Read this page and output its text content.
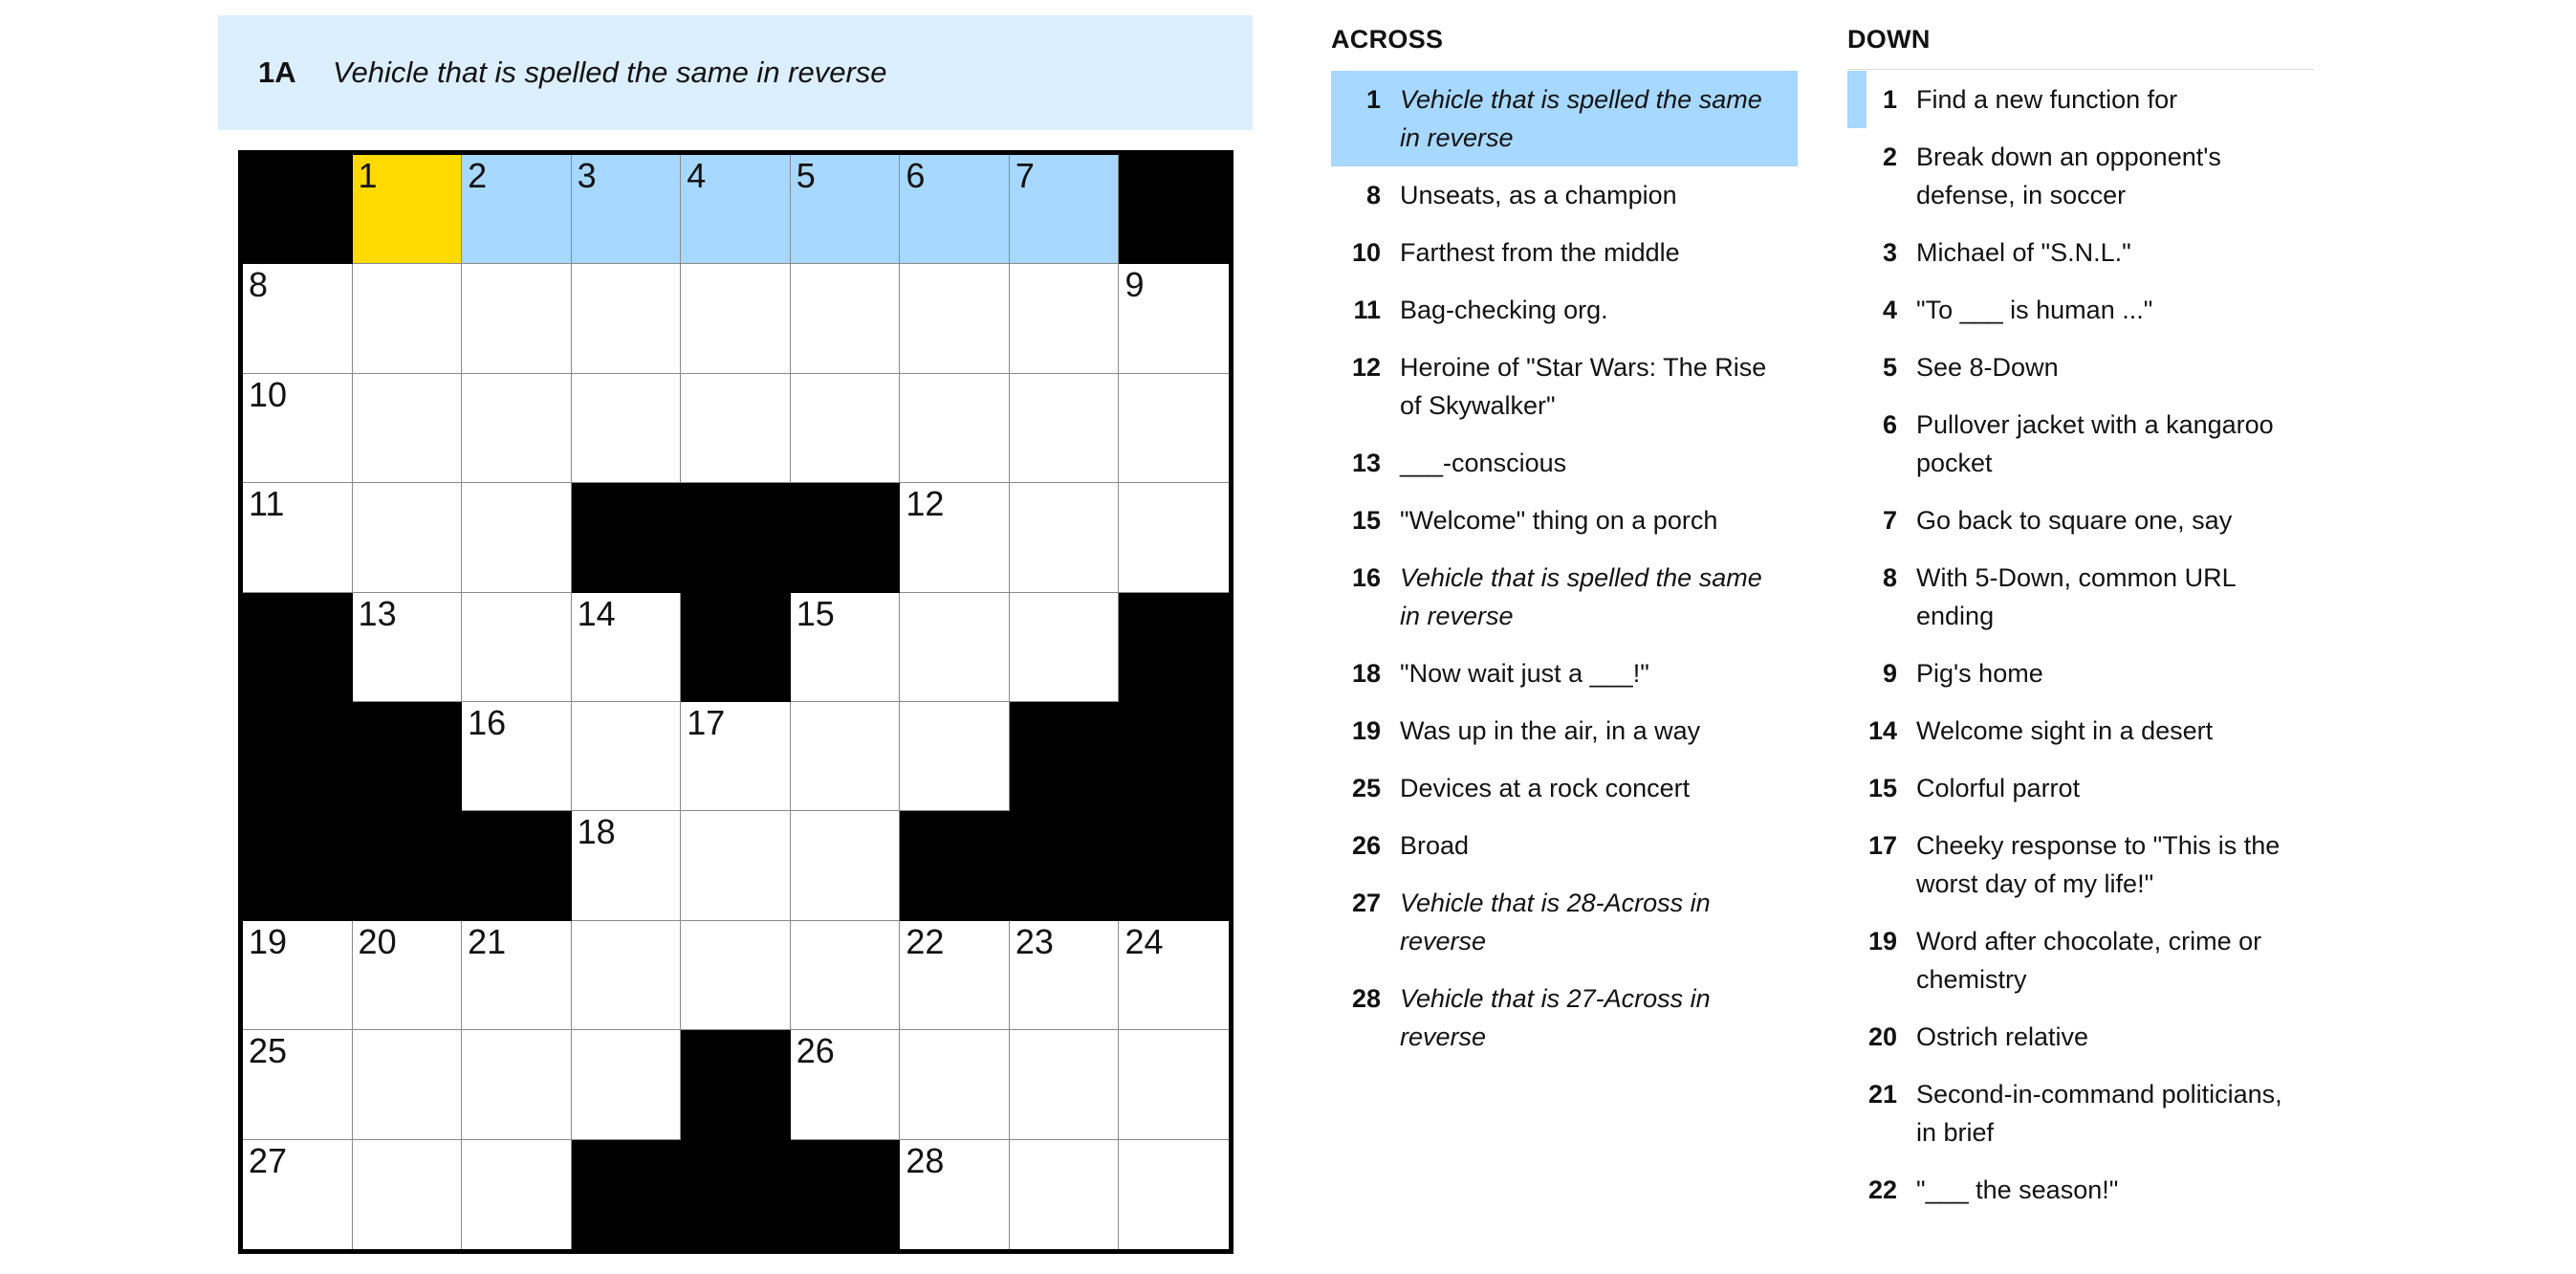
1A	Vehicle that is spelled the same in reverse
1	2	3	4	5	6	7
8	9
10
11	12
13	14	15
16	17
18
19 20 21	22 23 24
25	26
27	28
ACROSS
1 Vehicle that is spelled the same in reverse
8 Unseats, as a champion
10 Farthest from the middle
11 Bag-checking org.
12 Heroine of "Star Wars: The Rise of Skywalker"
13 ___-conscious
15 "Welcome" thing on a porch
16 Vehicle that is spelled the same in reverse
18 "Now wait just a ___!"
19 Was up in the air, in a way
25 Devices at a rock concert
26 Broad
27 Vehicle that is 28-Across in reverse
28 Vehicle that is 27-Across in reverse
DOWN
1 Find a new function for
2 Break down an opponent's defense, in soccer
3 Michael of "S.N.L."
4 "To ___ is human ..."
5 See 8-Down
6 Pullover jacket with a kangaroo pocket
7 Go back to square one, say
8 With 5-Down, common URL ending
9 Pig's home
14 Welcome sight in a desert
15 Colorful parrot
17 Cheeky response to "This is the worst day of my life!"
19 Word after chocolate, crime or chemistry
20 Ostrich relative
21 Second-in-command politicians, in brief
22 "___ the season!"
